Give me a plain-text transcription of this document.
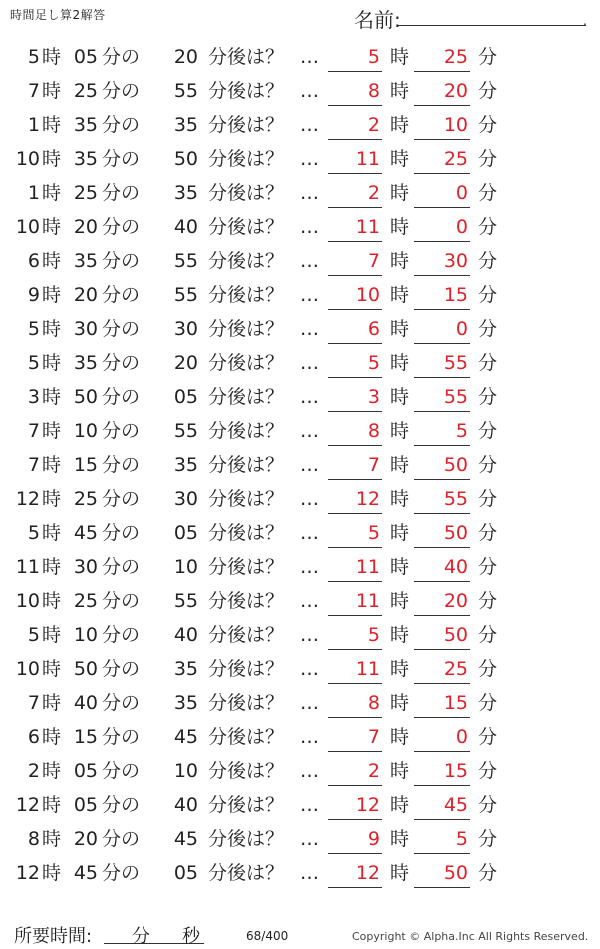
時間足し算2解答	名前:	.
5 時 05 分の 20 分後は？ …	5 時 25 分
7 時 25 分の 55 分後は？ …	8 時 20 分
1 時 35 分の 35 分後は？ …	2 時 10 分
10 時 35 分の 50 分後は？ … 11 時 25 分
1 時 25 分の 35 分後は？ …	2 時 0 分
10 時 20 分の 40 分後は？ … 11 時 0 分
6 時 35 分の 55 分後は？ …	7 時 30 分
9 時 20 分の 55 分後は？ … 10 時 15 分
5 時 30 分の 30 分後は？ …	6 時 0 分
5 時 35 分の 20 分後は？ …	5 時 55 分
3 時 50 分の 05 分後は？ …	3 時 55 分
7 時 10 分の 55 分後は？ …	8 時 5 分
7 時 15 分の 35 分後は？ …	7 時 50 分
12 時 25 分の 30 分後は？ … 12 時 55 分
5 時 45 分の 05 分後は？ …	5 時 50 分
11 時 30 分の 10 分後は？ … 11 時 40 分
10 時 25 分の 55 分後は？ … 11 時 20 分
5 時 10 分の 40 分後は？ …	5 時 50 分
10 時 50 分の 35 分後は？ … 11 時 25 分
7 時 40 分の 35 分後は？ …	8 時 15 分
6 時 15 分の 45 分後は？ …	7 時 0 分
2 時 05 分の 10 分後は？ …	2 時 15 分
12 時 05 分の 40 分後は？ … 12 時 45 分
8 時 20 分の 45 分後は？ …	9 時 5 分
12 時 45 分の 05 分後は？ … 12 時 50 分
所要時間: 分 秒	68/400	Copyright © Alpha.Inc All Rights Reserved.
